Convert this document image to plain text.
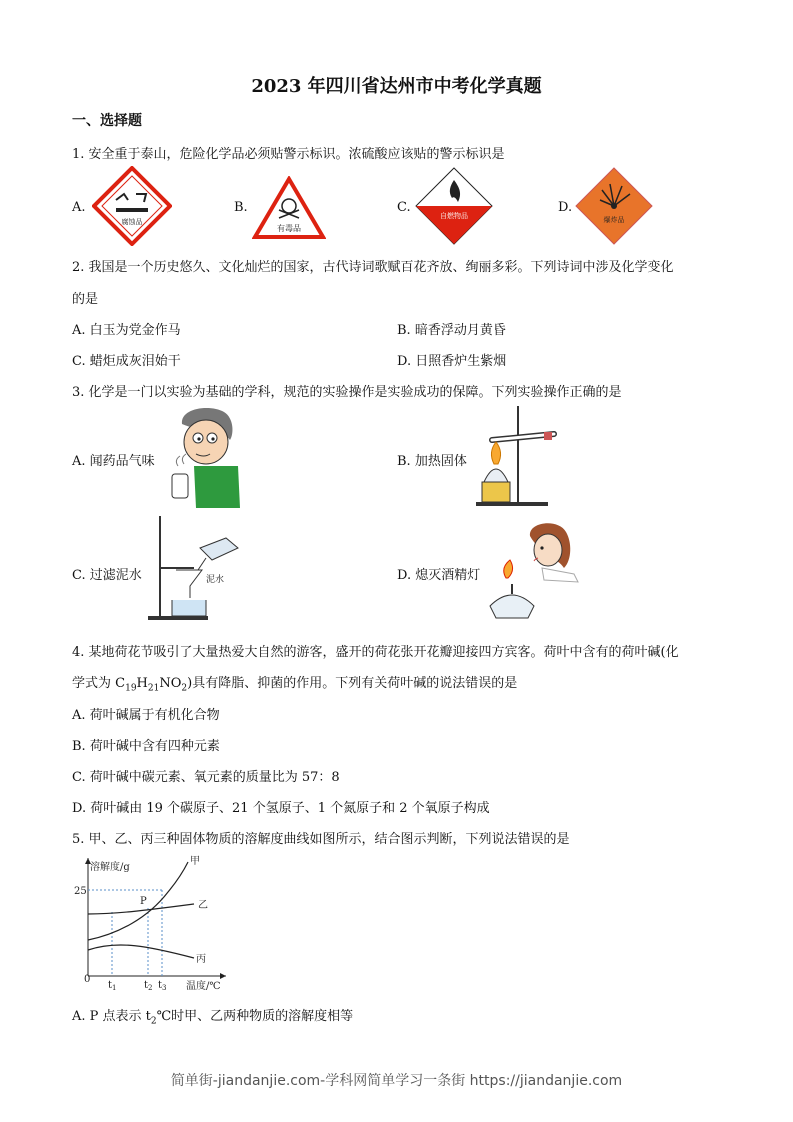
2023 年四川省达州市中考化学真题
一、选择题
1. 安全重于泰山，危险化学品必须贴警示标识。浓硫酸应该贴的警示标识是
A.
腐蚀品
B.
有毒品
C.
自燃物品
D.
爆炸品
2. 我国是一个历史悠久、文化灿烂的国家，古代诗词歌赋百花齐放、绚丽多彩。下列诗词中涉及化学变化
的是
A. 白玉为党金作马	B. 暗香浮动月黄昏
C. 蜡炬成灰泪始干	D. 日照香炉生紫烟
3. 化学是一门以实验为基础的学科，规范的实验操作是实验成功的保障。下列实验操作正确的是
A. 闻药品气味	B. 加热固体
C. 过滤泥水	泥水	D. 熄灭酒精灯
4. 某地荷花节吸引了大量热爱大自然的游客，盛开的荷花张开花瓣迎接四方宾客。荷叶中含有的荷叶碱(化
学式为 $C_{19}H_{21}NO_2$)具有降脂、抑菌的作用。下列有关荷叶碱的说法错误的是
A. 荷叶碱属于有机化合物
B. 荷叶碱中含有四种元素
C. 荷叶碱中碳元素、氧元素的质量比为 57：8
D. 荷叶碱由 19 个碳原子、21 个氢原子、1 个氮原子和 2 个氧原子构成
5. 甲、乙、丙三种固体物质的溶解度曲线如图所示，结合图示判断，下列说法错误的是
溶解度/g
温度/℃
25
0
甲
乙
丙
P
$t_1$	$t_2$ $t_3$
A. P 点表示 $t_2℃$时甲、乙两种物质的溶解度相等
简单街-jiandanjie.com-学科网简单学习一条街 https://jiandanjie.com
